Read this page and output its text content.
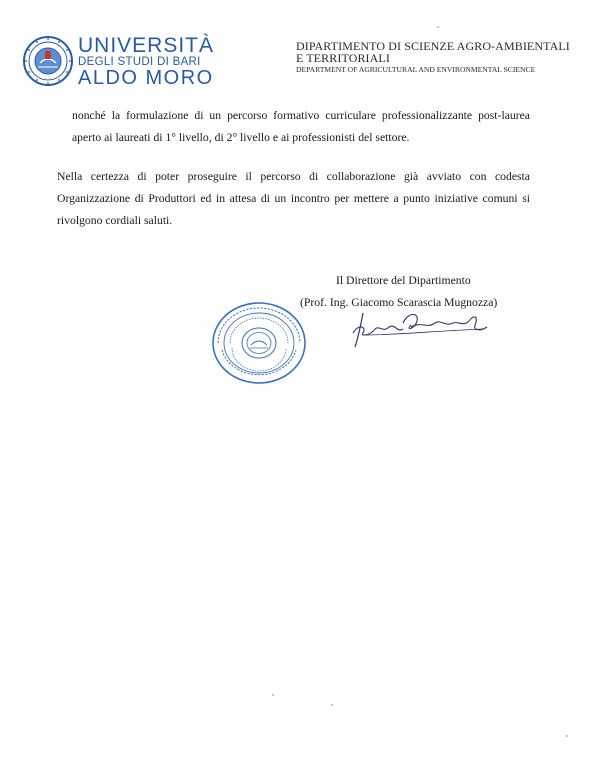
UNIVERSITÀ
DEGLI STUDI DI BARI
ALDO MORO
DIPARTIMENTO DI SCIENZE AGRO-AMBIENTALI
E TERRITORIALI
DEPARTMENT OF AGRICULTURAL AND ENVIRONMENTAL SCIENCE
nonché la formulazione di un percorso formativo curriculare professionalizzante post-laurea
aperto ai laureati di 1° livello, di 2° livello e ai professionisti del settore.
Nella certezza di poter proseguire il percorso di collaborazione già avviato con codesta
Organizzazione di Produttori ed in attesa di un incontro per mettere a punto iniziative comuni si
rivolgono cordiali saluti.
Il Direttore del Dipartimento
(Prof. Ing. Giacomo Scarascia Mugnozza)
